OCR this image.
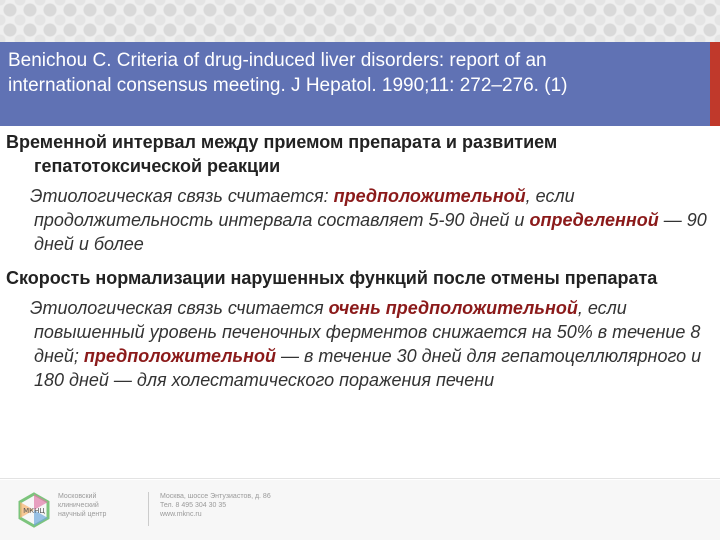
Benichou C. Criteria of drug-induced liver disorders: report of an
international consensus meeting. J Hepatol. 1990;11: 272–276. (1)
Временной интервал между приемом препарата и развитием гепатотоксической реакции
Этиологическая связь считается: предположительной, если продолжительность интервала составляет 5-90 дней и определенной — 90 дней и более
Скорость нормализации нарушенных функций после отмены препарата
Этиологическая связь считается очень предположительной, если повышенный уровень печеночных ферментов снижается на 50% в течение 8 дней; предположительной — в течение 30 дней для гепатоцеллюлярного и 180 дней — для холестатического поражения печени
МКНЦ
Московский
клинический
научный центр
Москва, шоссе Энтузиастов, д. 86
Тел. 8 495 304 30 35
www.mknc.ru
